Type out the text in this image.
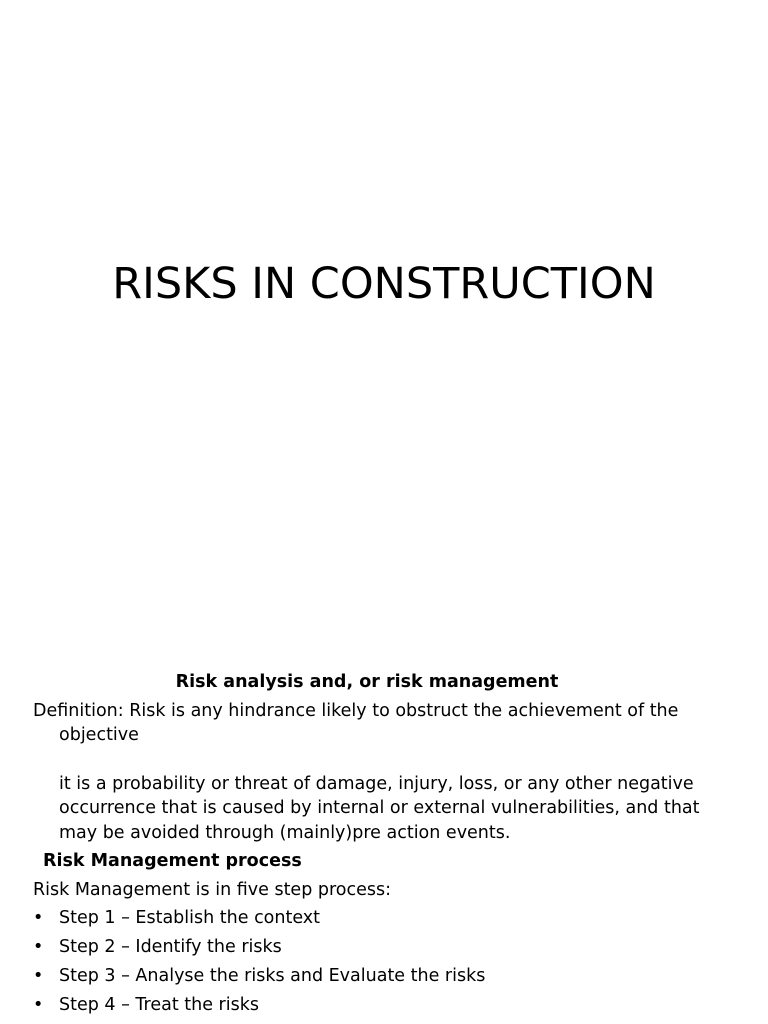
RISKS IN CONSTRUCTION
Risk analysis and, or risk management
Definition: Risk is any hindrance likely to obstruct the achievement of the objective
it is a probability or threat of damage, injury, loss, or any other negative occurrence that is caused by internal or external vulnerabilities, and that may be avoided through (mainly)pre action events.
Risk Management process
Risk Management is in five step process:
• Step 1 – Establish the context
• Step 2 – Identify the risks
• Step 3 – Analyse the risks and Evaluate the risks
• Step 4 – Treat the risks
